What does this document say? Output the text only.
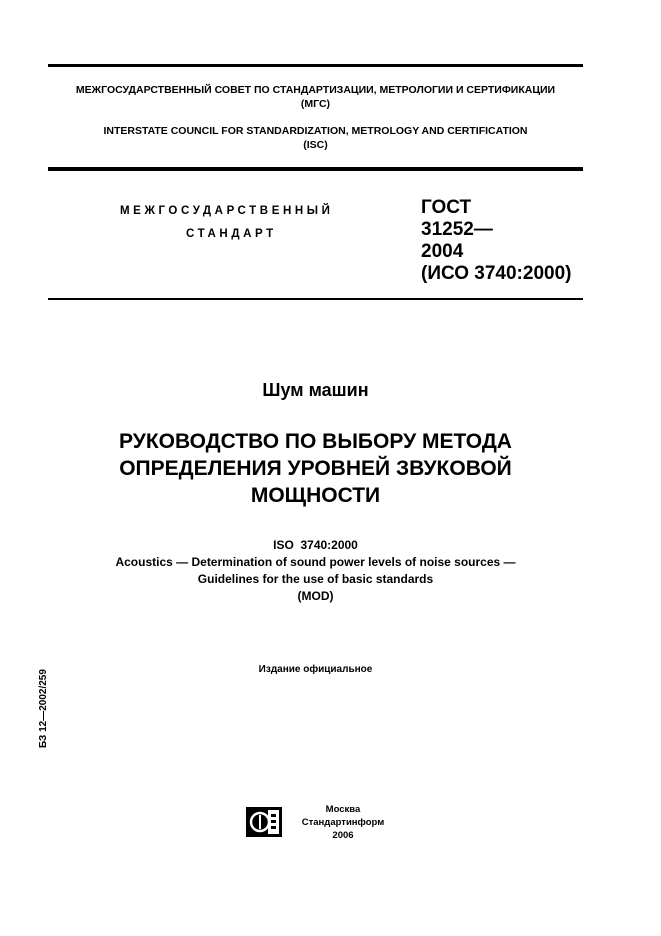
МЕЖГОСУДАРСТВЕННЫЙ СОВЕТ ПО СТАНДАРТИЗАЦИИ, МЕТРОЛОГИИ И СЕРТИФИКАЦИИ
(МГС)
INTERSTATE COUNCIL FOR STANDARDIZATION, METROLOGY AND CERTIFICATION
(ISC)
МЕЖГОСУДАРСТВЕННЫЙ
СТАНДАРТ
ГОСТ
31252—
2004
(ИСО 3740:2000)
Шум машин
РУКОВОДСТВО ПО ВЫБОРУ МЕТОДА
ОПРЕДЕЛЕНИЯ УРОВНЕЙ ЗВУКОВОЙ
МОЩНОСТИ
ISO  3740:2000
Acoustics — Determination of sound power levels of noise sources —
Guidelines for the use of basic standards
(MOD)
Издание официальное
БЗ 12—2002/259
Москва
Стандартинформ
2006
